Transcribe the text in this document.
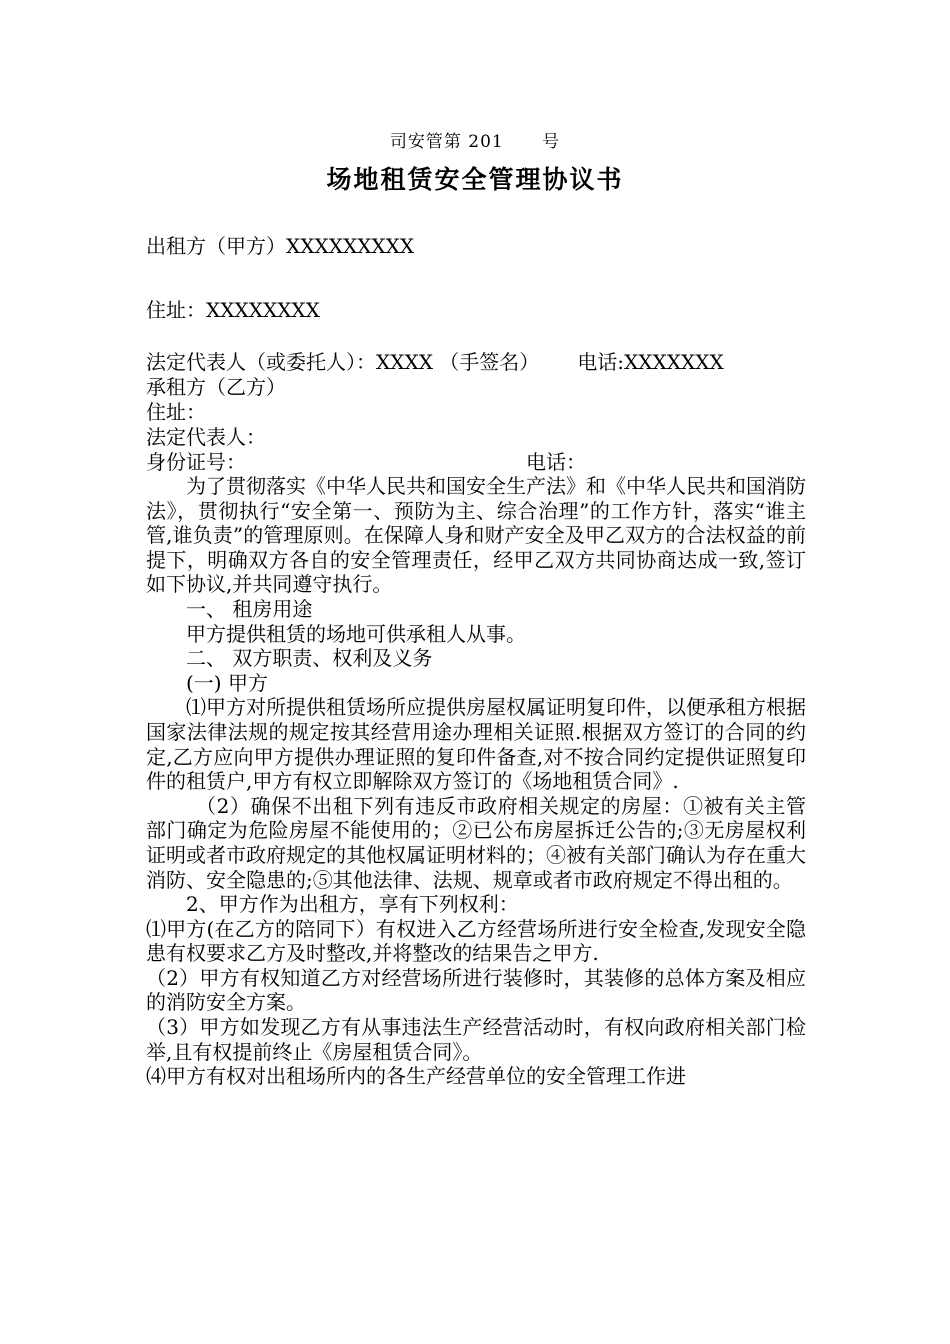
司安管第 201      号
场地租赁安全管理协议书
出租方（甲方）XXXXXXXXX
住址：XXXXXXXX
法定代表人（或委托人）：XXXX （手签名） 电话:XXXXXXX
承租方（乙方）
住址：
法定代表人：
身份证号：	电话：

为了贯彻落实《中华人民共和国安全生产法》和《中华人民共和国消防法》，贯彻执行“安全第一、预防为主、综合治理”的工作方针，落实“谁主管,谁负责”的管理原则。在保障人身和财产安全及甲乙双方的合法权益的前提下，明确双方各自的安全管理责任，经甲乙双方共同协商达成一致,签订如下协议,并共同遵守执行。

一、 租房用途

甲方提供租赁的场地可供承租人从事。

二、 双方职责、权利及义务

(一) 甲方

⑴甲方对所提供租赁场所应提供房屋权属证明复印件，以便承租方根据国家法律法规的规定按其经营用途办理相关证照.根据双方签订的合同的约定,乙方应向甲方提供办理证照的复印件备查,对不按合同约定提供证照复印件的租赁户,甲方有权立即解除双方签订的《场地租赁合同》.

（2）确保不出租下列有违反市政府相关规定的房屋：①被有关主管部门确定为危险房屋不能使用的；②已公布房屋拆迁公告的;③无房屋权利证明或者市政府规定的其他权属证明材料的；④被有关部门确认为存在重大消防、安全隐患的;⑤其他法律、法规、规章或者市政府规定不得出租的。

2、甲方作为出租方，享有下列权利：

⑴甲方(在乙方的陪同下）有权进入乙方经营场所进行安全检查,发现安全隐患有权要求乙方及时整改,并将整改的结果告之甲方.

（2）甲方有权知道乙方对经营场所进行装修时，其装修的总体方案及相应的消防安全方案。

（3）甲方如发现乙方有从事违法生产经营活动时，有权向政府相关部门检举,且有权提前终止《房屋租赁合同》。

⑷甲方有权对出租场所内的各生产经营单位的安全管理工作进
